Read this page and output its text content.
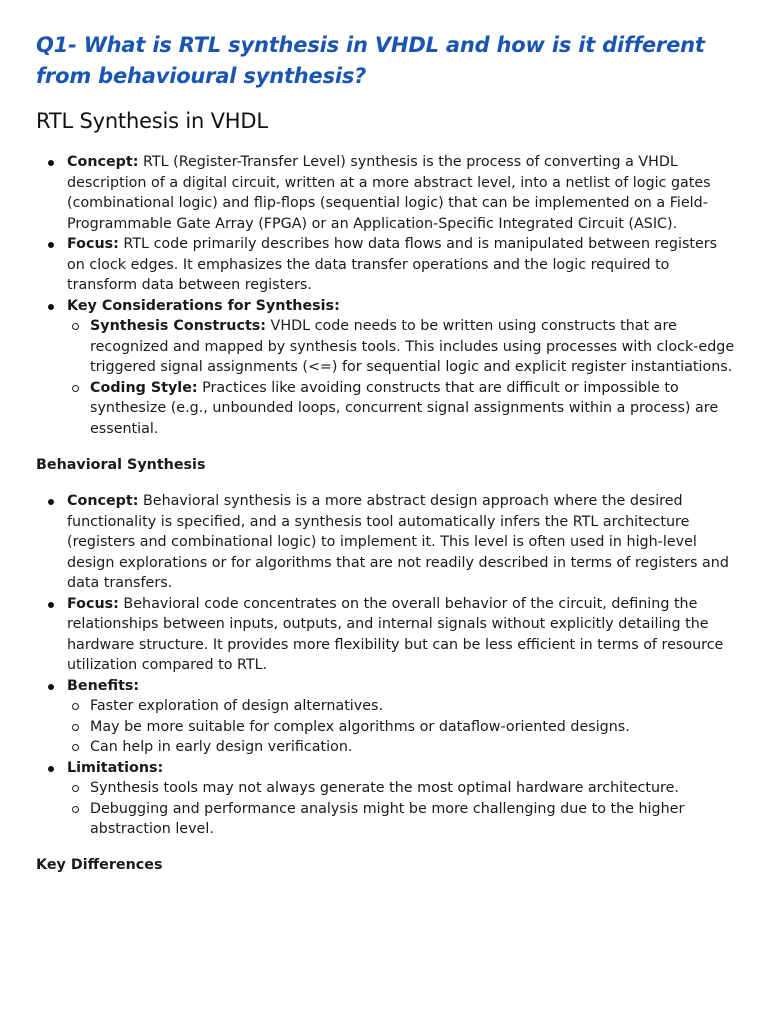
Q1- What is RTL synthesis in VHDL and how is it different from behavioural synthesis?
RTL Synthesis in VHDL
Concept: RTL (Register-Transfer Level) synthesis is the process of converting a VHDL description of a digital circuit, written at a more abstract level, into a netlist of logic gates (combinational logic) and flip-flops (sequential logic) that can be implemented on a Field-Programmable Gate Array (FPGA) or an Application-Specific Integrated Circuit (ASIC).
Focus: RTL code primarily describes how data flows and is manipulated between registers on clock edges. It emphasizes the data transfer operations and the logic required to transform data between registers.
Key Considerations for Synthesis:
Synthesis Constructs: VHDL code needs to be written using constructs that are recognized and mapped by synthesis tools. This includes using processes with clock-edge triggered signal assignments (<=) for sequential logic and explicit register instantiations.
Coding Style: Practices like avoiding constructs that are difficult or impossible to synthesize (e.g., unbounded loops, concurrent signal assignments within a process) are essential.
Behavioral Synthesis
Concept: Behavioral synthesis is a more abstract design approach where the desired functionality is specified, and a synthesis tool automatically infers the RTL architecture (registers and combinational logic) to implement it. This level is often used in high-level design explorations or for algorithms that are not readily described in terms of registers and data transfers.
Focus: Behavioral code concentrates on the overall behavior of the circuit, defining the relationships between inputs, outputs, and internal signals without explicitly detailing the hardware structure. It provides more flexibility but can be less efficient in terms of resource utilization compared to RTL.
Benefits:
Faster exploration of design alternatives.
May be more suitable for complex algorithms or dataflow-oriented designs.
Can help in early design verification.
Limitations:
Synthesis tools may not always generate the most optimal hardware architecture.
Debugging and performance analysis might be more challenging due to the higher abstraction level.
Key Differences
